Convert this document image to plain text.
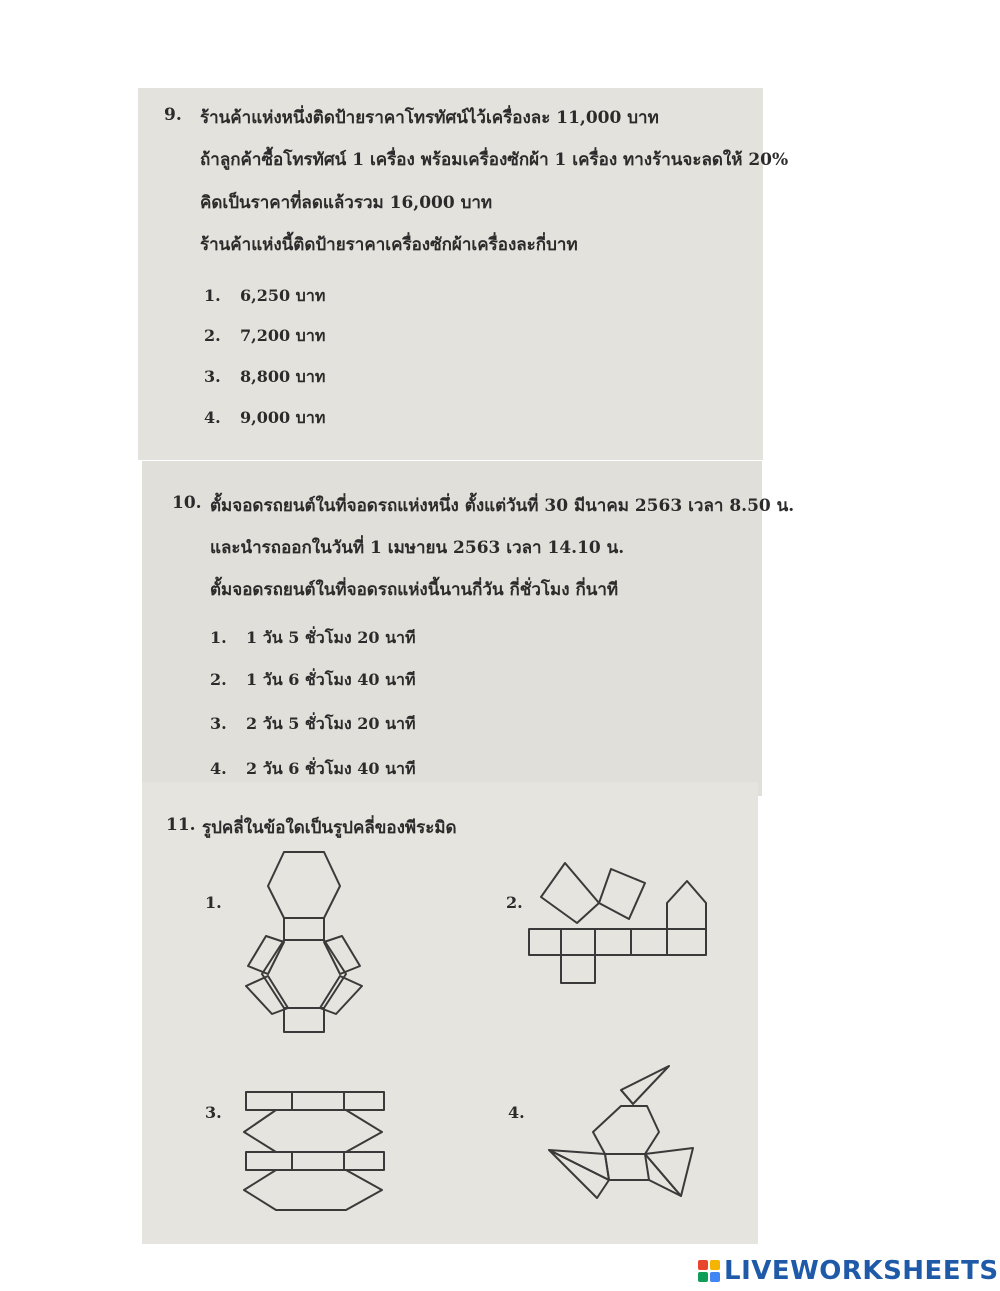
9. ร้านค้าแห่งหนึ่งติดป้ายราคาโทรทัศน์ไว้เครื่องละ 11,000 บาท
ถ้าลูกค้าซื้อโทรทัศน์ 1 เครื่อง พร้อมเครื่องซักผ้า 1 เครื่อง ทางร้านจะลดให้ 20%
คิดเป็นราคาที่ลดแล้วรวม 16,000 บาท
ร้านค้าแห่งนี้ติดป้ายราคาเครื่องซักผ้าเครื่องละกี่บาท
1. 6,250 บาท
2. 7,200 บาท
3. 8,800 บาท
4. 9,000 บาท
10. ตั้มจอดรถยนต์ในที่จอดรถแห่งหนึ่ง ตั้งแต่วันที่ 30 มีนาคม 2563 เวลา 8.50 น.
และนำรถออกในวันที่ 1 เมษายน 2563 เวลา 14.10 น.
ตั้มจอดรถยนต์ในที่จอดรถแห่งนี้นานกี่วัน กี่ชั่วโมง กี่นาที
1. 1 วัน 5 ชั่วโมง 20 นาที
2. 1 วัน 6 ชั่วโมง 40 นาที
3. 2 วัน 5 ชั่วโมง 20 นาที
4. 2 วัน 6 ชั่วโมง 40 นาที
11. รูปคลี่ในข้อใดเป็นรูปคลี่ของพีระมิด
1.	2.
3.	4.
LIVEWORKSHEETS
